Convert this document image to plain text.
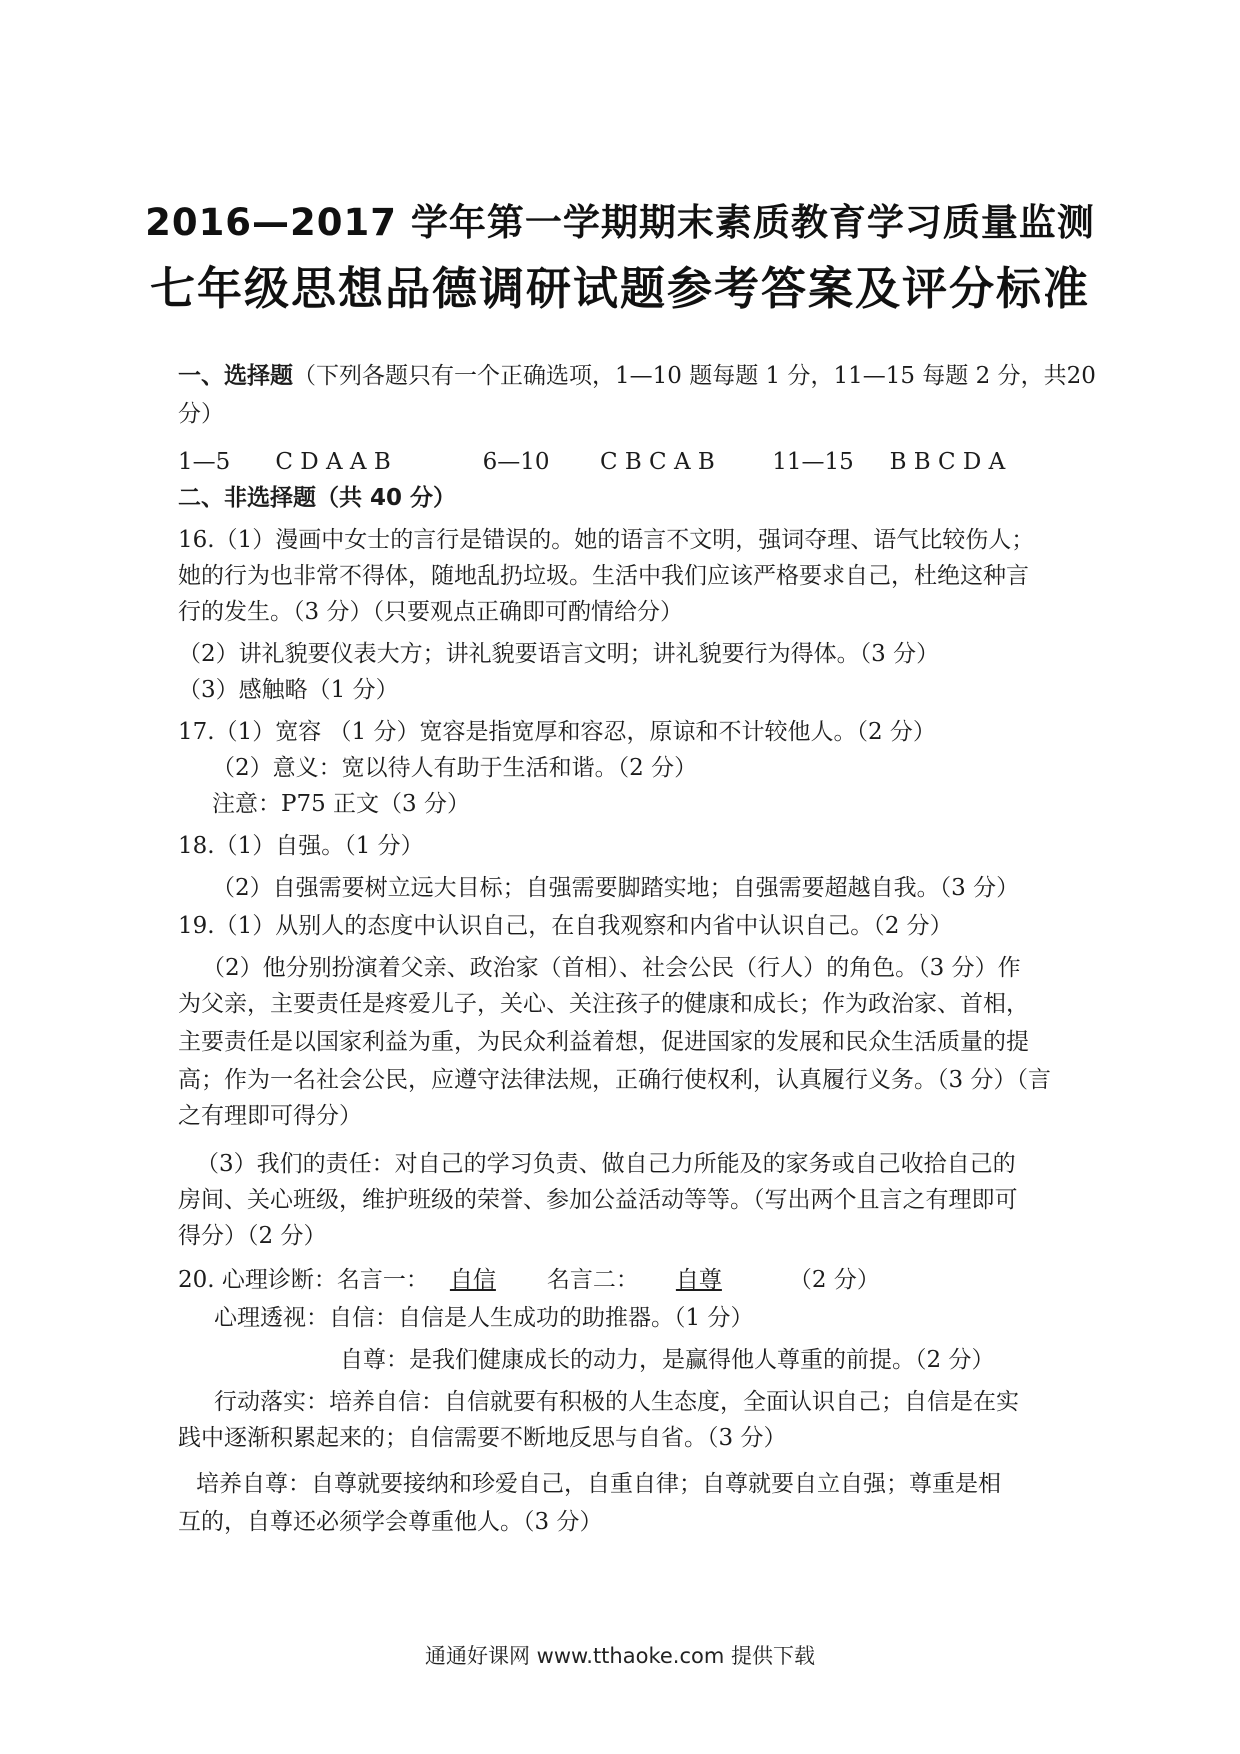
2016—2017 学年第一学期期末素质教育学习质量监测
七年级思想品德调研试题参考答案及评分标准
一、选择题（下列各题只有一个正确选项，1—10 题每题 1 分，11—15 每题 2 分，共20
分）
1—5 C D A A B	6—10 C B C A B 11—15 B B C D A
二、非选择题（共 40 分）
16.（1）漫画中女士的言行是错误的。她的语言不文明，强词夺理、语气比较伤人；
她的行为也非常不得体，随地乱扔垃圾。生活中我们应该严格要求自己，杜绝这种言
行的发生。（3 分）（只要观点正确即可酌情给分）
（2）讲礼貌要仪表大方；讲礼貌要语言文明；讲礼貌要行为得体。（3 分）
（3）感触略（1 分）
17.（1）宽容 （1 分）宽容是指宽厚和容忍，原谅和不计较他人。（2 分）
（2）意义：宽以待人有助于生活和谐。（2 分）
注意：P75 正文（3 分）
18.（1）自强。（1 分）
（2）自强需要树立远大目标；自强需要脚踏实地；自强需要超越自我。（3 分）
19.（1）从别人的态度中认识自己，在自我观察和内省中认识自己。（2 分）
（2）他分别扮演着父亲、政治家（首相）、社会公民（行人）的角色。（3 分）作
为父亲，主要责任是疼爱儿子，关心、关注孩子的健康和成长；作为政治家、首相，
主要责任是以国家利益为重，为民众利益着想，促进国家的发展和民众生活质量的提
高；作为一名社会公民，应遵守法律法规，正确行使权利，认真履行义务。（3 分）（言
之有理即可得分）
（3）我们的责任：对自己的学习负责、做自己力所能及的家务或自己收拾自己的
房间、关心班级，维护班级的荣誉、参加公益活动等等。（写出两个且言之有理即可
得分）（2 分）
20. 心理诊断：名言一： 自信 名言二： 自尊	（2 分）
心理透视：自信：自信是人生成功的助推器。（1 分）
自尊：是我们健康成长的动力，是赢得他人尊重的前提。（2 分）
行动落实：培养自信：自信就要有积极的人生态度，全面认识自己；自信是在实
践中逐渐积累起来的；自信需要不断地反思与自省。（3 分）
培养自尊：自尊就要接纳和珍爱自己，自重自律；自尊就要自立自强；尊重是相
互的，自尊还必须学会尊重他人。（3 分）
通通好课网 www.tthaoke.com 提供下载
